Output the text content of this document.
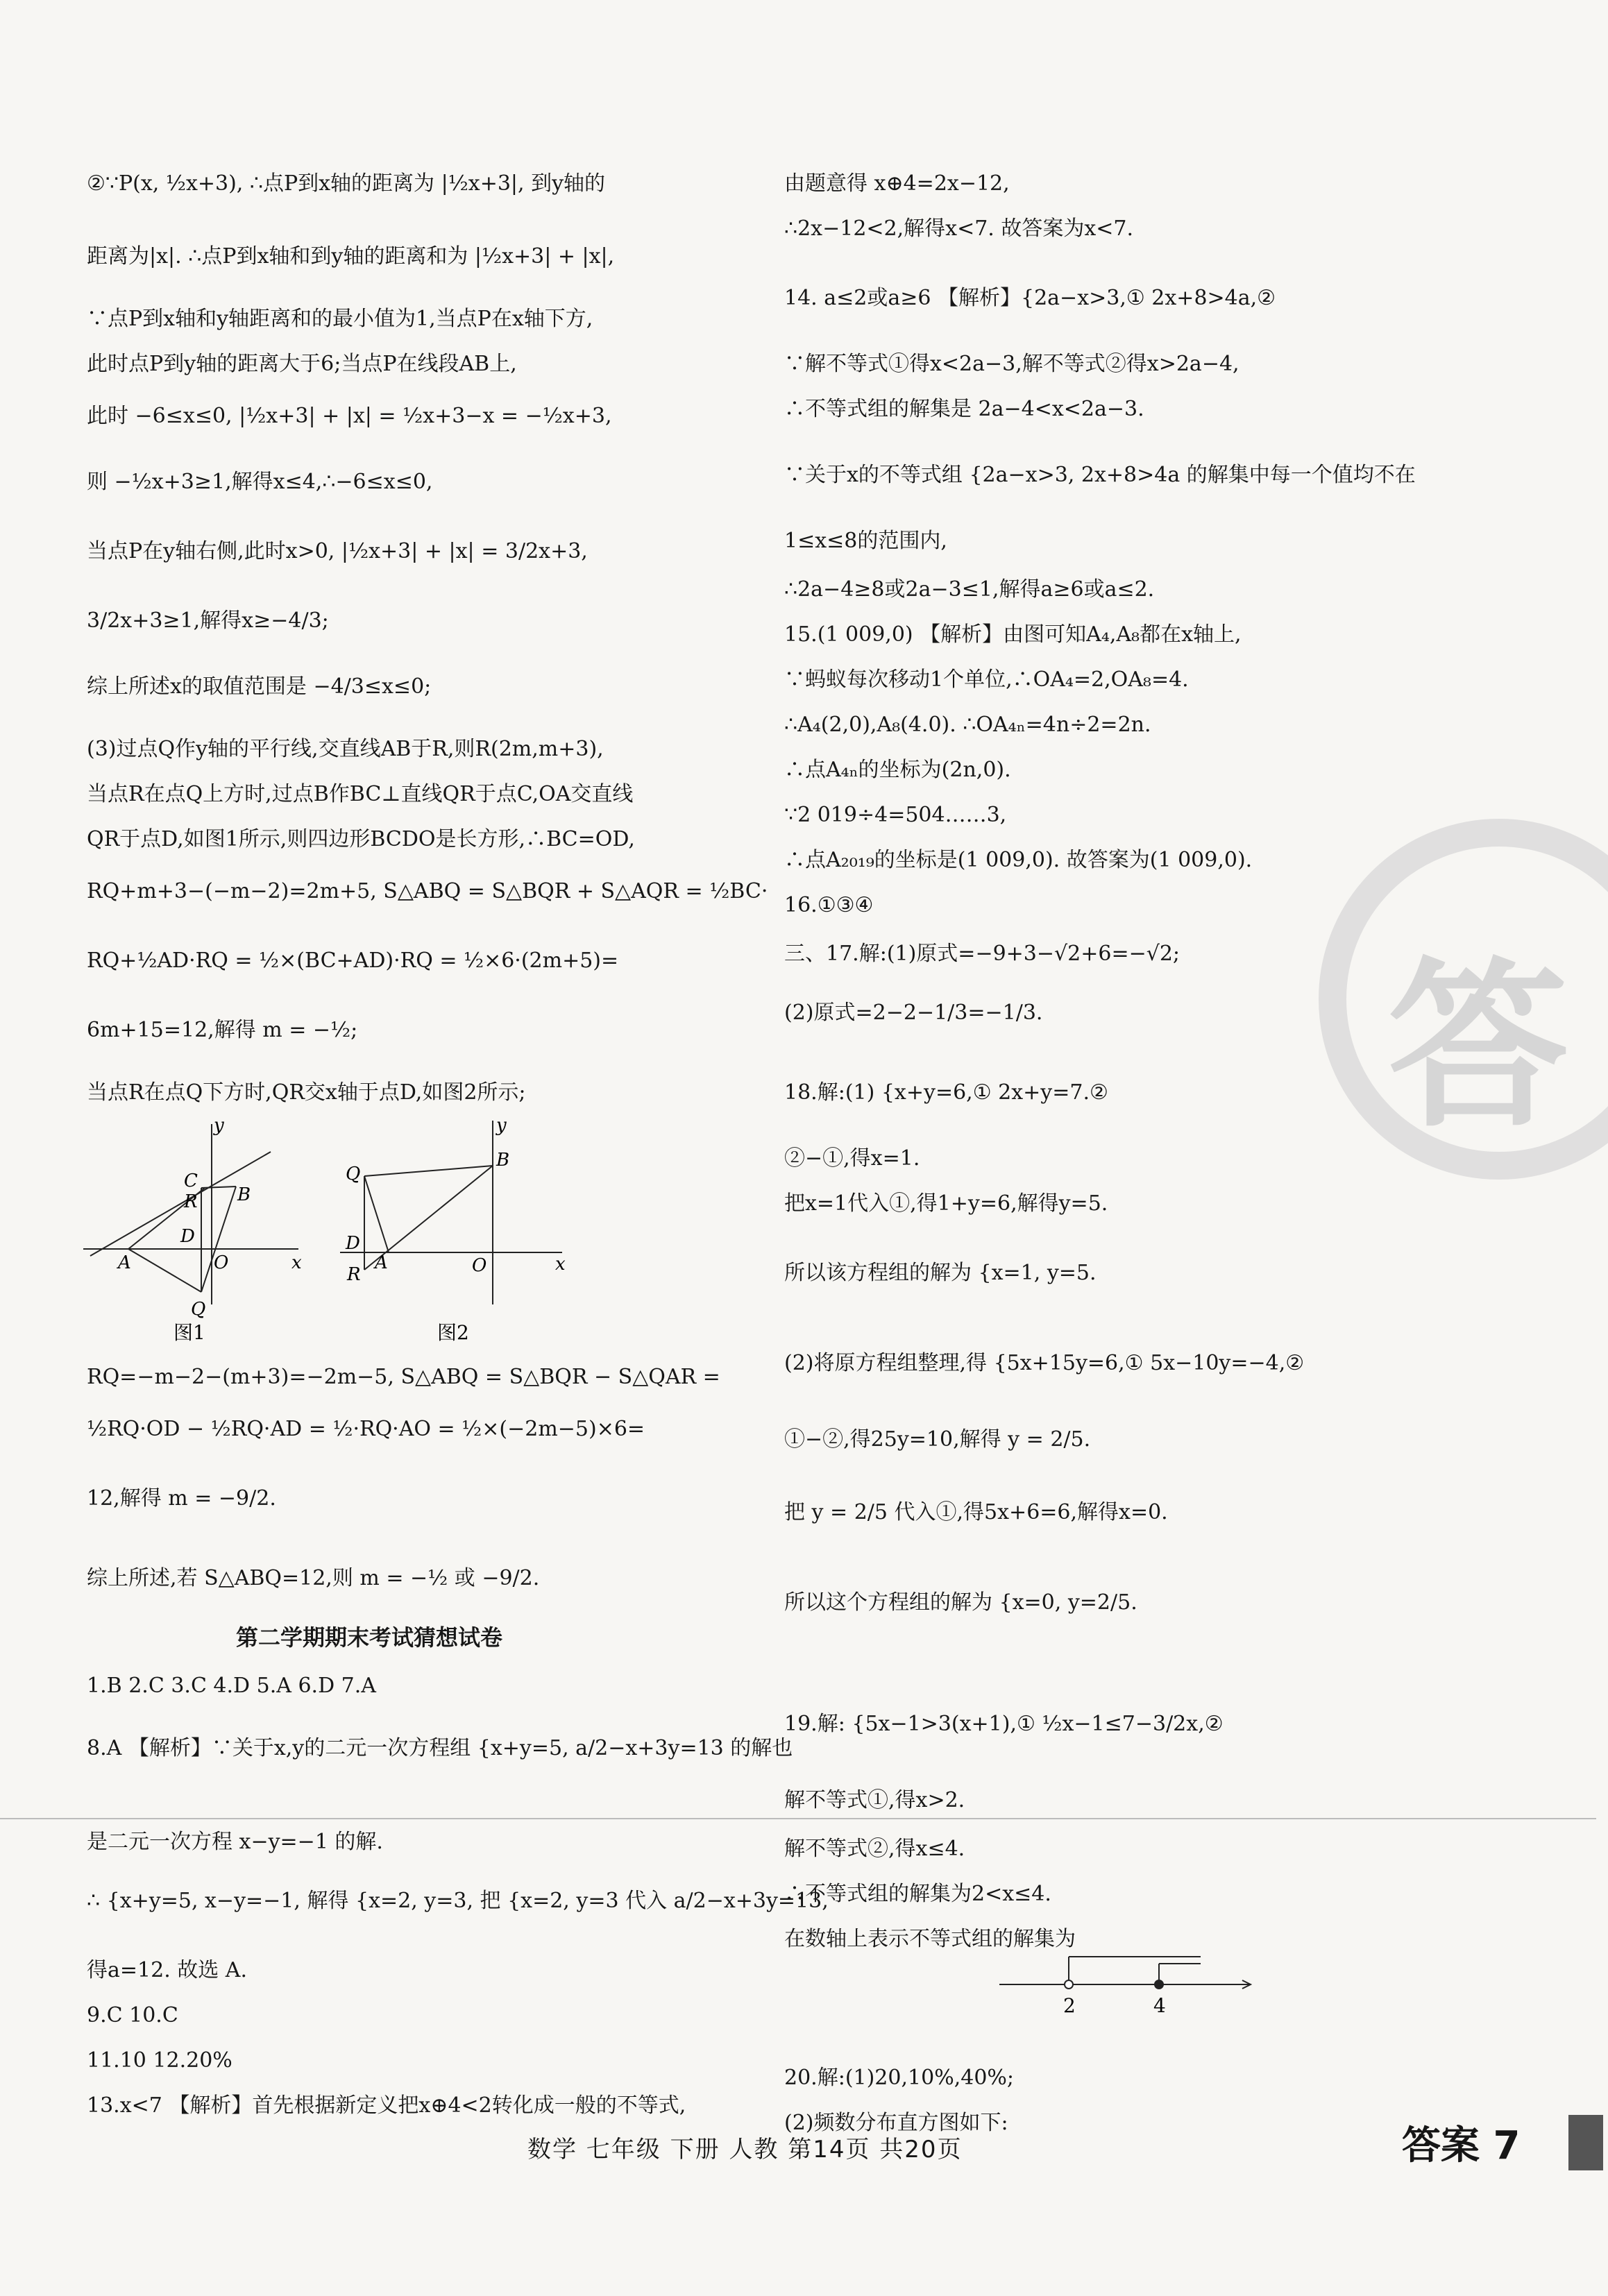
答
②∵P(x, ½x+3), ∴点P到x轴的距离为 |½x+3|, 到y轴的
距离为|x|. ∴点P到x轴和到y轴的距离和为 |½x+3| + |x|,
∵点P到x轴和y轴距离和的最小值为1,当点P在x轴下方,
此时点P到y轴的距离大于6;当点P在线段AB上,
此时 −6≤x≤0, |½x+3| + |x| = ½x+3−x = −½x+3,
则 −½x+3≥1,解得x≤4,∴−6≤x≤0,
当点P在y轴右侧,此时x>0, |½x+3| + |x| = 3/2x+3,
3/2x+3≥1,解得x≥−4/3;
综上所述x的取值范围是 −4/3≤x≤0;
(3)过点Q作y轴的平行线,交直线AB于R,则R(2m,m+3),
当点R在点Q上方时,过点B作BC⊥直线QR于点C,OA交直线
QR于点D,如图1所示,则四边形BCDO是长方形,∴BC=OD,
RQ+m+3−(−m−2)=2m+5, S△ABQ = S△BQR + S△AQR = ½BC·
RQ+½AD·RQ = ½×(BC+AD)·RQ = ½×6·(2m+5)=
6m+15=12,解得 m = −½;
当点R在点Q下方时,QR交x轴于点D,如图2所示;
RQ=−m−2−(m+3)=−2m−5, S△ABQ = S△BQR − S△QAR =
½RQ·OD − ½RQ·AD = ½·RQ·AO = ½×(−2m−5)×6=
12,解得 m = −9/2.
综上所述,若 S△ABQ=12,则 m = −½ 或 −9/2.
1.B 2.C 3.C 4.D 5.A 6.D 7.A
8.A 【解析】∵关于x,y的二元一次方程组 {x+y=5, a/2−x+3y=13 的解也
是二元一次方程 x−y=−1 的解.
∴ {x+y=5, x−y=−1, 解得 {x=2, y=3, 把 {x=2, y=3 代入 a/2−x+3y=13,
得a=12. 故选 A.
9.C 10.C
11.10 12.20%
13.x<7 【解析】首先根据新定义把x⊕4<2转化成一般的不等式,
第二学期期末考试猜想试卷
y
x
O
A
B
C
R
D
Q
图1
y
x
O
A
B
Q
D
R
图2
由题意得 x⊕4=2x−12,
∴2x−12<2,解得x<7. 故答案为x<7.
14. a≤2或a≥6 【解析】{2a−x>3,① 2x+8>4a,②
∵解不等式①得x<2a−3,解不等式②得x>2a−4,
∴不等式组的解集是 2a−4<x<2a−3.
∵关于x的不等式组 {2a−x>3, 2x+8>4a 的解集中每一个值均不在
1≤x≤8的范围内,
∴2a−4≥8或2a−3≤1,解得a≥6或a≤2.
15.(1 009,0) 【解析】由图可知A₄,A₈都在x轴上,
∵蚂蚁每次移动1个单位,∴OA₄=2,OA₈=4.
∴A₄(2,0),A₈(4.0). ∴OA₄ₙ=4n÷2=2n.
∴点A₄ₙ的坐标为(2n,0).
∵2 019÷4=504……3,
∴点A₂₀₁₉的坐标是(1 009,0). 故答案为(1 009,0).
16.①③④
三、17.解:(1)原式=−9+3−√2+6=−√2;
(2)原式=2−2−1/3=−1/3.
18.解:(1) {x+y=6,① 2x+y=7.②
②−①,得x=1.
把x=1代入①,得1+y=6,解得y=5.
所以该方程组的解为 {x=1, y=5.
(2)将原方程组整理,得 {5x+15y=6,① 5x−10y=−4,②
①−②,得25y=10,解得 y = 2/5.
把 y = 2/5 代入①,得5x+6=6,解得x=0.
所以这个方程组的解为 {x=0, y=2/5.
19.解: {5x−1>3(x+1),① ½x−1≤7−3/2x,②
解不等式①,得x>2.
解不等式②,得x≤4.
∴不等式组的解集为2<x≤4.
在数轴上表示不等式组的解集为
20.解:(1)20,10%,40%;
(2)频数分布直方图如下:
2	4
数学 七年级 下册 人教 第14页 共20页	答案 7
